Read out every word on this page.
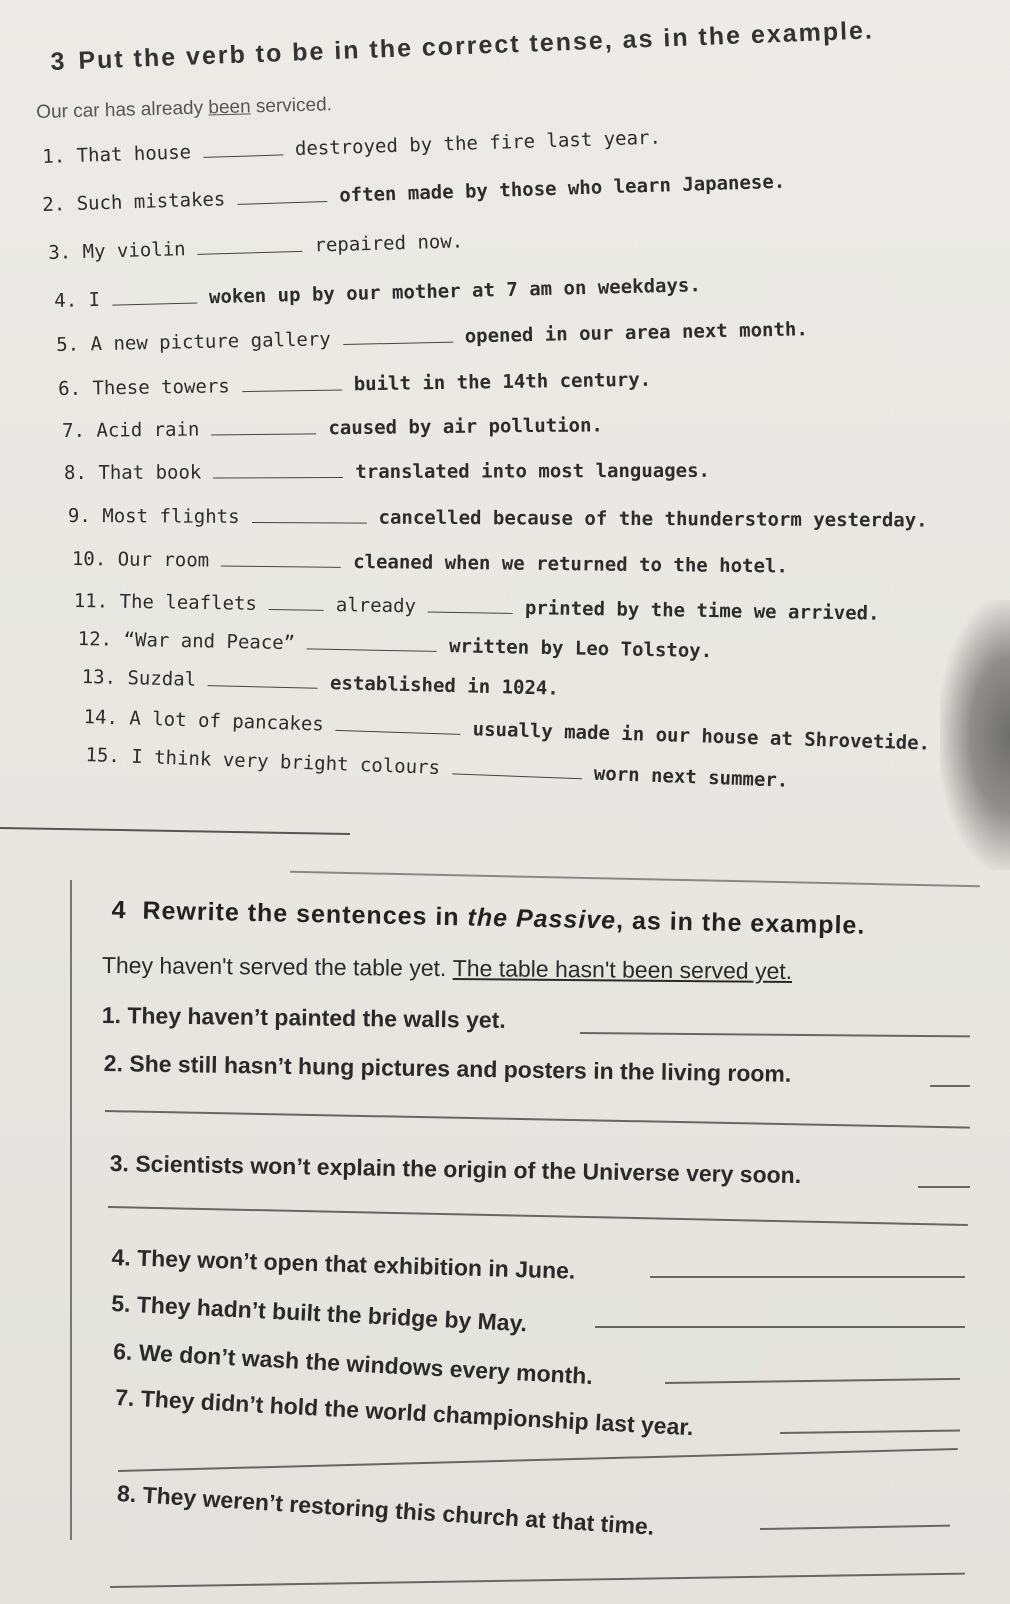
3 Put the verb to be in the correct tense, as in the example.
Our car has already been serviced.
1. That house	destroyed by the fire last year.
2. Such mistakes	often made by those who learn Japanese.
3. My violin	repaired now.
4. I	woken up by our mother at 7 am on weekdays.
5. A new picture gallery	opened in our area next month.
6. These towers	built in the 14th century.
7. Acid rain	caused by air pollution.
8. That book	translated into most languages.
9. Most flights	cancelled because of the thunderstorm yesterday.
10. Our room	cleaned when we returned to the hotel.
11. The leaflets	already	printed by the time we arrived.
12. “War and Peace”	written by Leo Tolstoy.
13. Suzdal	established in 1024.
14. A lot of pancakes	usually made in our house at Shrovetide.
15. I think very bright colours	worn next summer.
4 Rewrite the sentences in the Passive, as in the example.
They haven't served the table yet. The table hasn't been served yet.
1. They haven’t painted the walls yet.
2. She still hasn’t hung pictures and posters in the living room.
3. Scientists won’t explain the origin of the Universe very soon.
4. They won’t open that exhibition in June.
5. They hadn’t built the bridge by May.
6. We don’t wash the windows every month.
7. They didn’t hold the world championship last year.
8. They weren’t restoring this church at that time.
